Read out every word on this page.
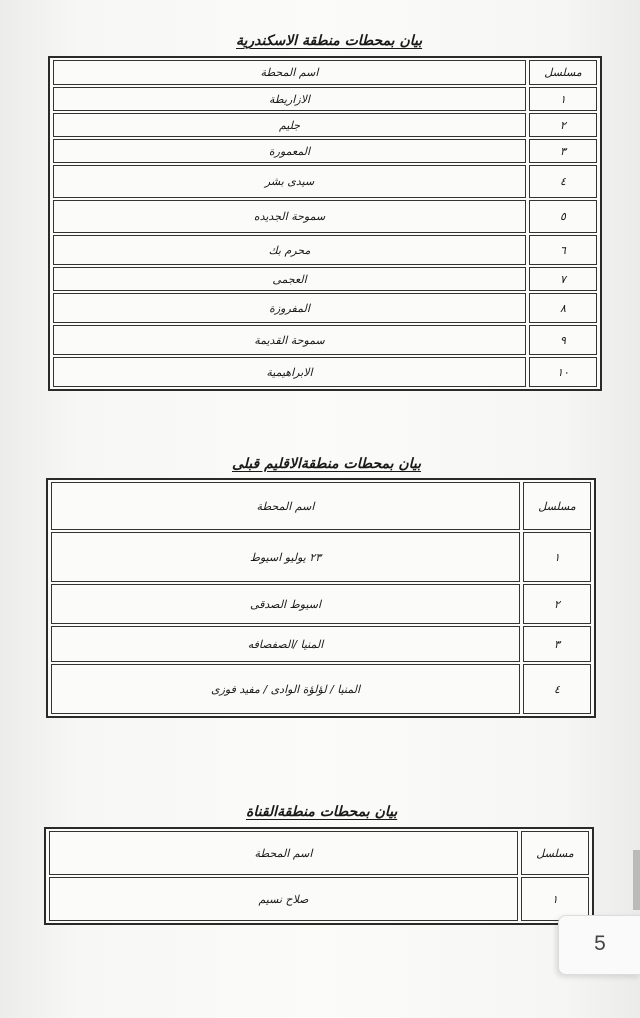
بيان بمحطات منطقة الاسكندرية
مسلسل	اسم المحطة
١	الازاريطة
٢	جليم
٣	المعمورة
٤	سيدى بشر
٥	سموحة الجديده
٦	محرم بك
٧	العجمى
٨	المفروزة
٩	سموحة القديمة
١٠	الابراهيمية
بيان بمحطات منطقةالاقليم قبلى
مسلسل	اسم المحطة
١	٢٣ يوليو اسيوط
٢	اسيوط الصدقى
٣	المنيا /الصفصافه
٤	المنيا / لؤلؤة الوادى / مفيد فوزى
بيان بمحطات منطقةالقناة
مسلسل	اسم المحطة
١	صلاح نسيم
5
